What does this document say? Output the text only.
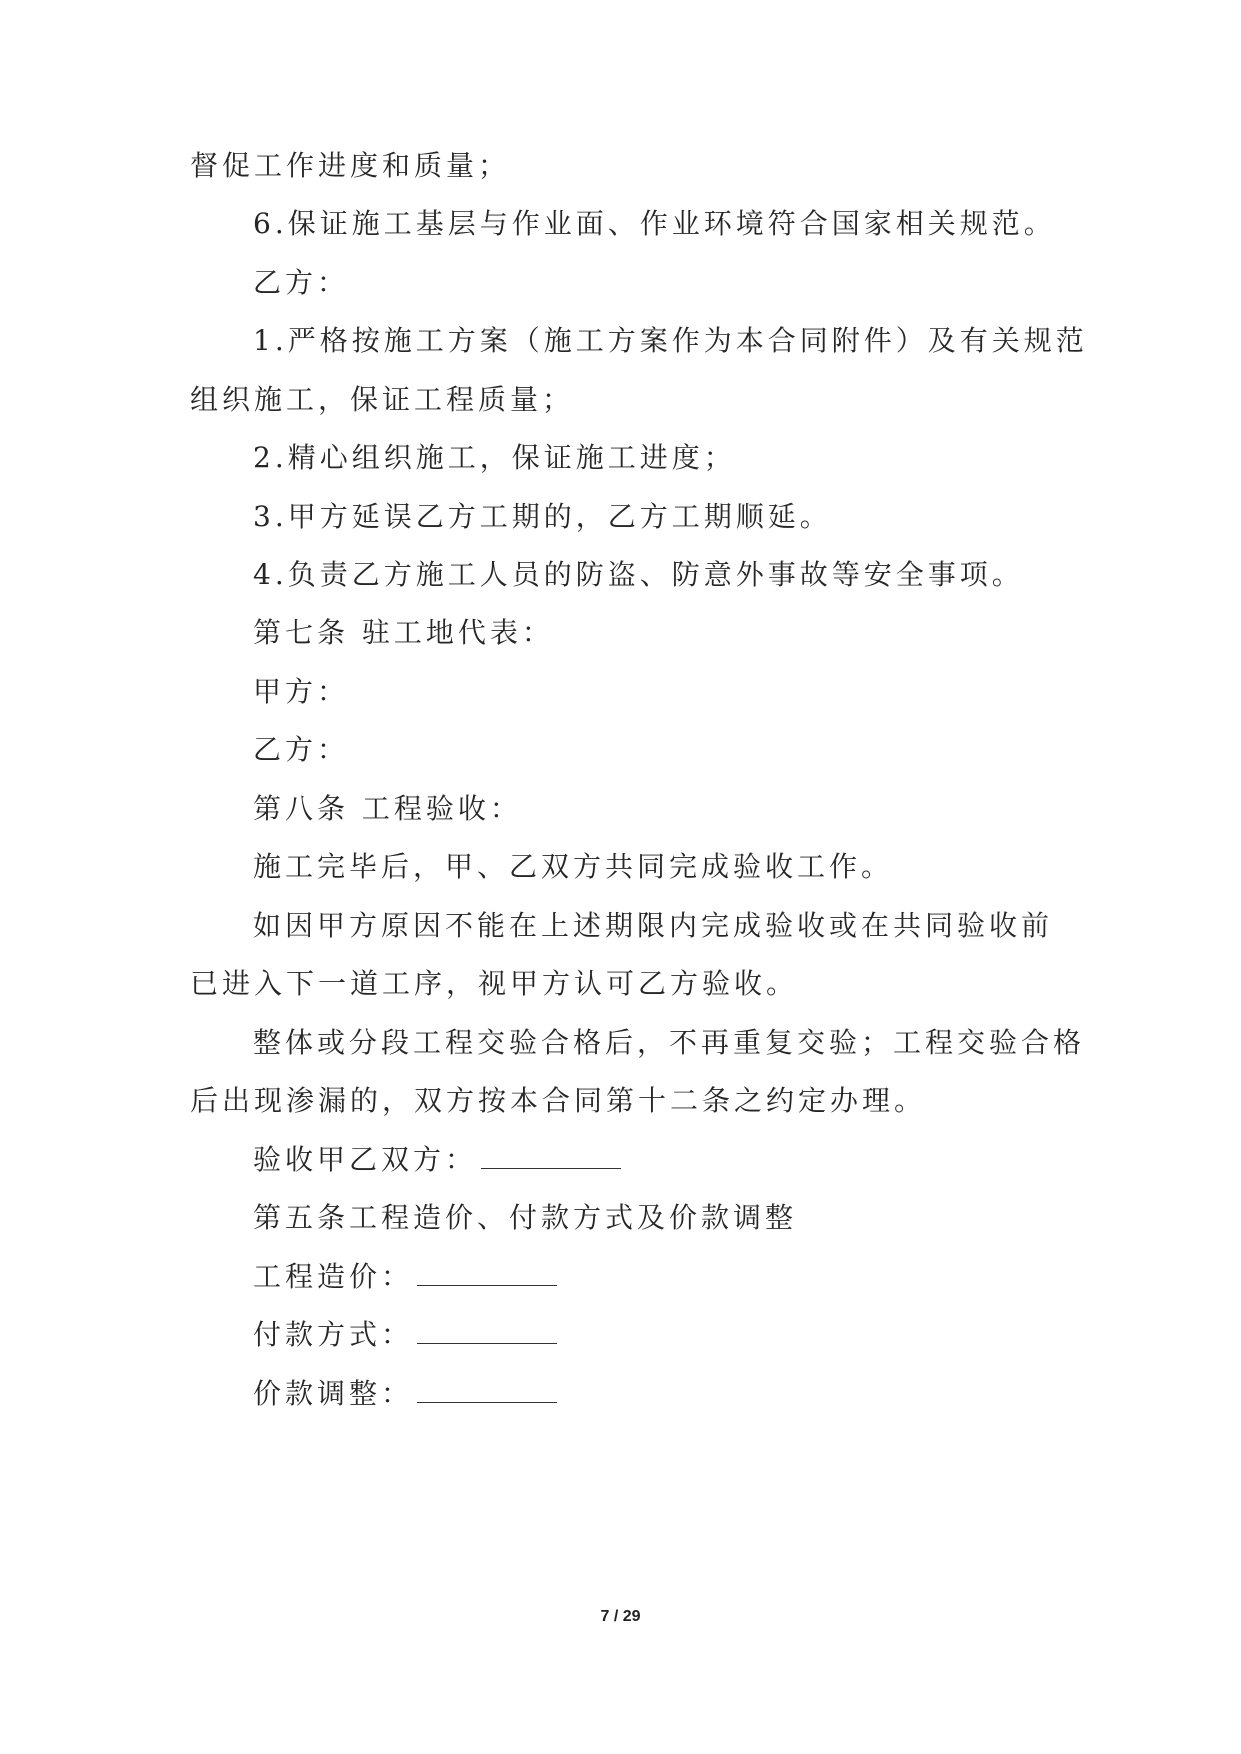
督促工作进度和质量；
6.保证施工基层与作业面、作业环境符合国家相关规范。
乙方：
1.严格按施工方案（施工方案作为本合同附件）及有关规范
组织施工，保证工程质量；
2.精心组织施工，保证施工进度；
3.甲方延误乙方工期的，乙方工期顺延。
4.负责乙方施工人员的防盗、防意外事故等安全事项。
第七条 驻工地代表：
甲方：
乙方：
第八条 工程验收：
施工完毕后，甲、乙双方共同完成验收工作。
如因甲方原因不能在上述期限内完成验收或在共同验收前
已进入下一道工序，视甲方认可乙方验收。
整体或分段工程交验合格后，不再重复交验；工程交验合格
后出现渗漏的，双方按本合同第十二条之约定办理。
验收甲乙双方：
第五条工程造价、付款方式及价款调整
工程造价：
付款方式：
价款调整：
7 / 29
